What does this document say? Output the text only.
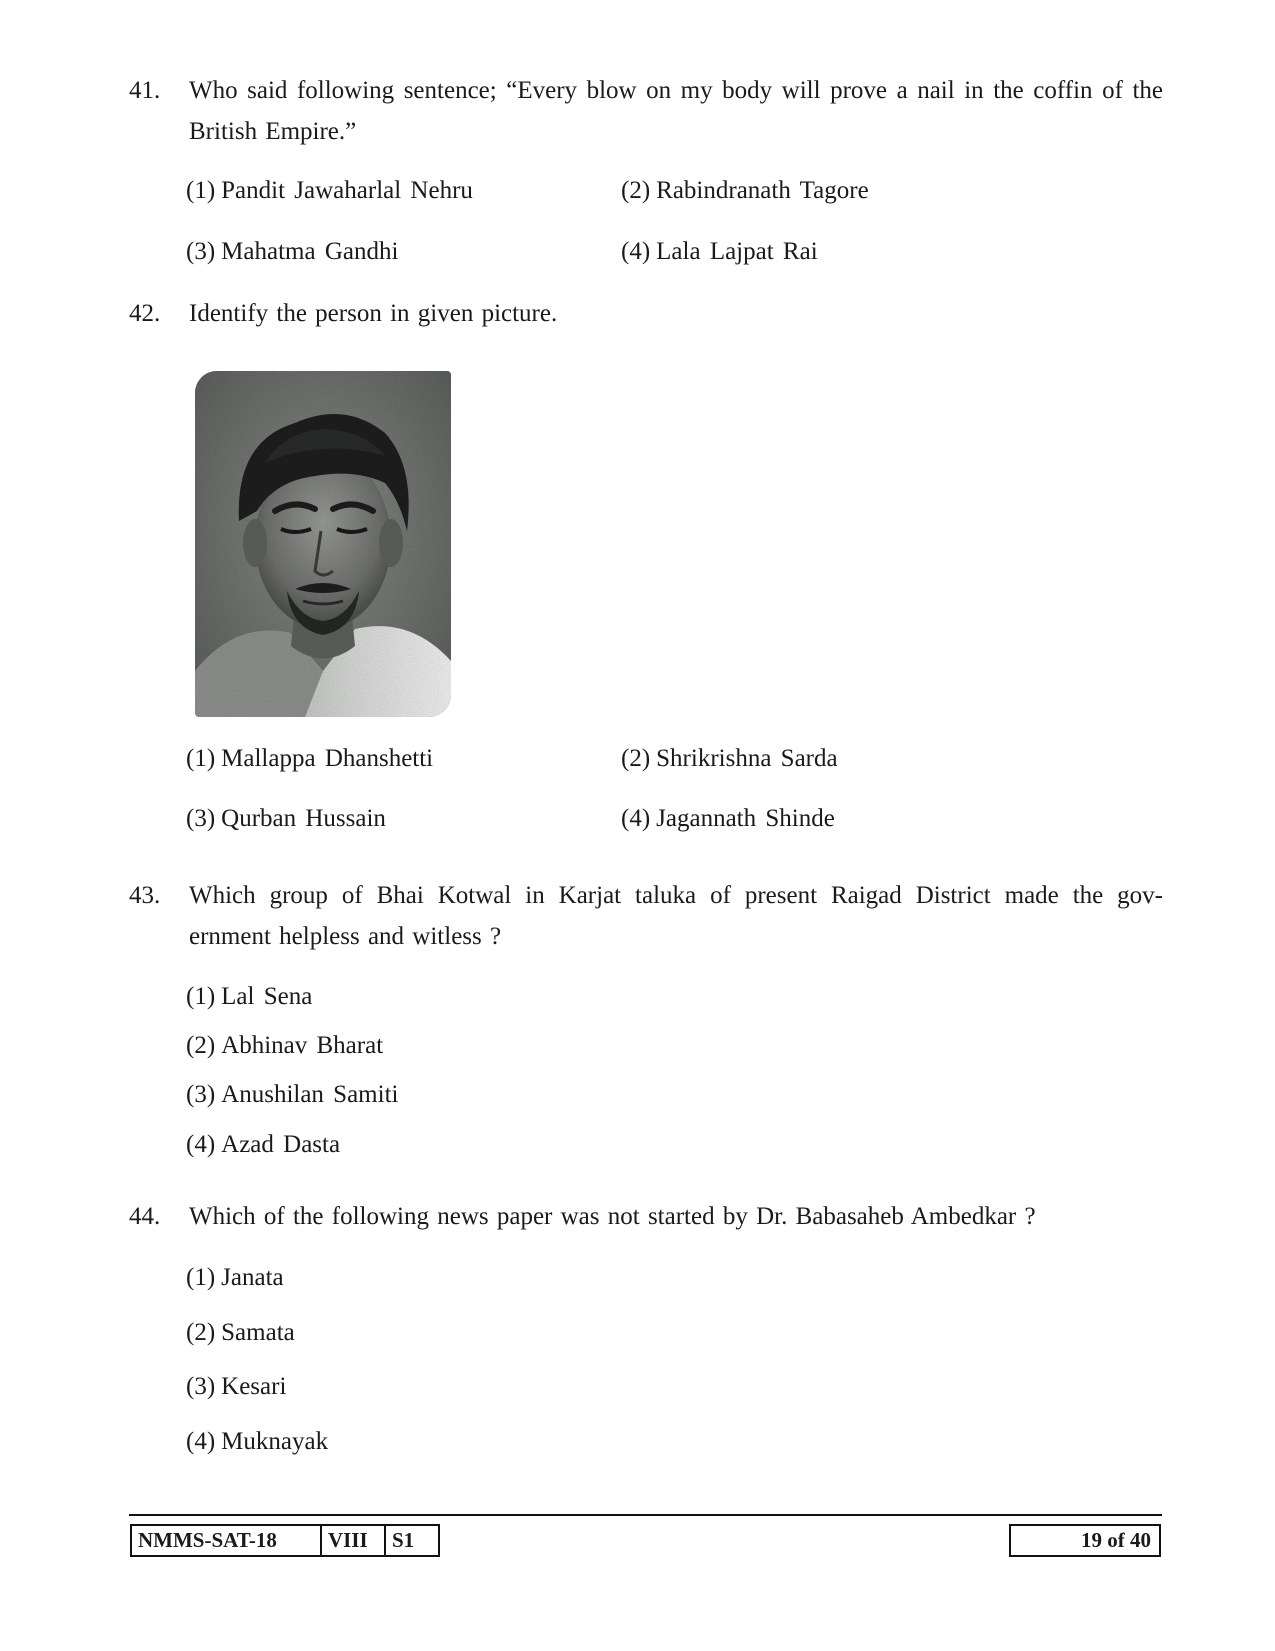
41. Who said following sentence; “Every blow on my body will prove a nail in the coffin of the British Empire.”
(1) Pandit Jawaharlal Nehru	(2) Rabindranath Tagore
(3) Mahatma Gandhi	(4) Lala Lajpat Rai
42. Identify the person in given picture.
(1) Mallappa Dhanshetti	(2) Shrikrishna Sarda
(3) Qurban Hussain	(4) Jagannath Shinde
43. Which group of Bhai Kotwal in Karjat taluka of present Raigad District made the gov-ernment helpless and witless ?
(1) Lal Sena
(2) Abhinav Bharat
(3) Anushilan Samiti
(4) Azad Dasta
44. Which of the following news paper was not started by Dr. Babasaheb Ambedkar ?
(1) Janata
(2) Samata
(3) Kesari
(4) Muknayak
NMMS-SAT-18	VIII	S1	19 of 40
